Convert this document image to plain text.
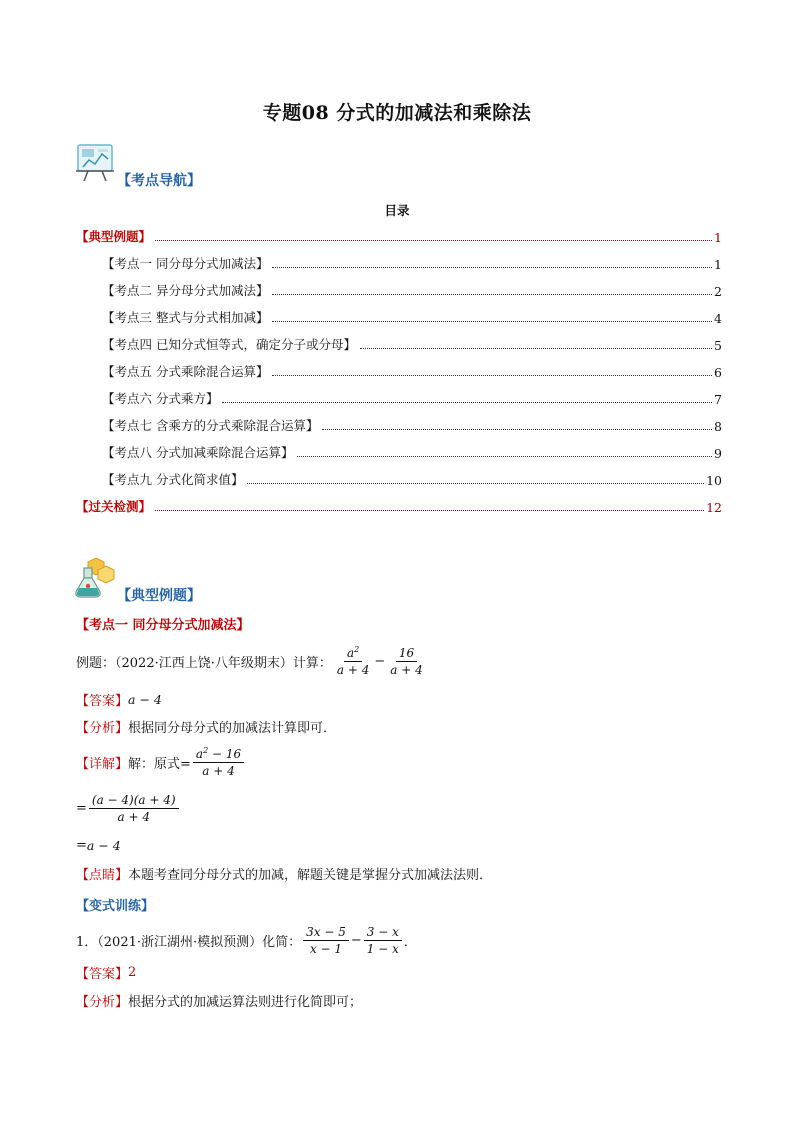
专题08 分式的加减法和乘除法
【考点导航】
目录
【典型例题】	1
【考点一 同分母分式加减法】	1
【考点二 异分母分式加减法】	2
【考点三 整式与分式相加减】	4
【考点四 已知分式恒等式，确定分子或分母】	5
【考点五 分式乘除混合运算】	6
【考点六 分式乘方】	7
【考点七 含乘方的分式乘除混合运算】	8
【考点八 分式加减乘除混合运算】	9
【考点九 分式化简求值】	10
【过关检测】	12
【典型例题】
【考点一 同分母分式加减法】
例题：（2022·江西上饶·八年级期末）计算： $\frac{a^2}{a + 4} - \frac{16}{a + 4}$
【答案】 a − 4
【分析】 根据同分母分式的加减法计算即可．
【详解】 解：原式= $\frac{a^2 - 16}{a + 4}$
= $\frac{(a - 4)(a + 4)}{a + 4}$
= a − 4
【点睛】 本题考查同分母分式的加减，解题关键是掌握分式加减法法则．
【变式训练】
1．（2021·浙江湖州·模拟预测）化简： $\frac{3x - 5}{x - 1} - \frac{3 - x}{1 - x}$ ．
【答案】 2
【分析】 根据分式的加减运算法则进行化简即可；
